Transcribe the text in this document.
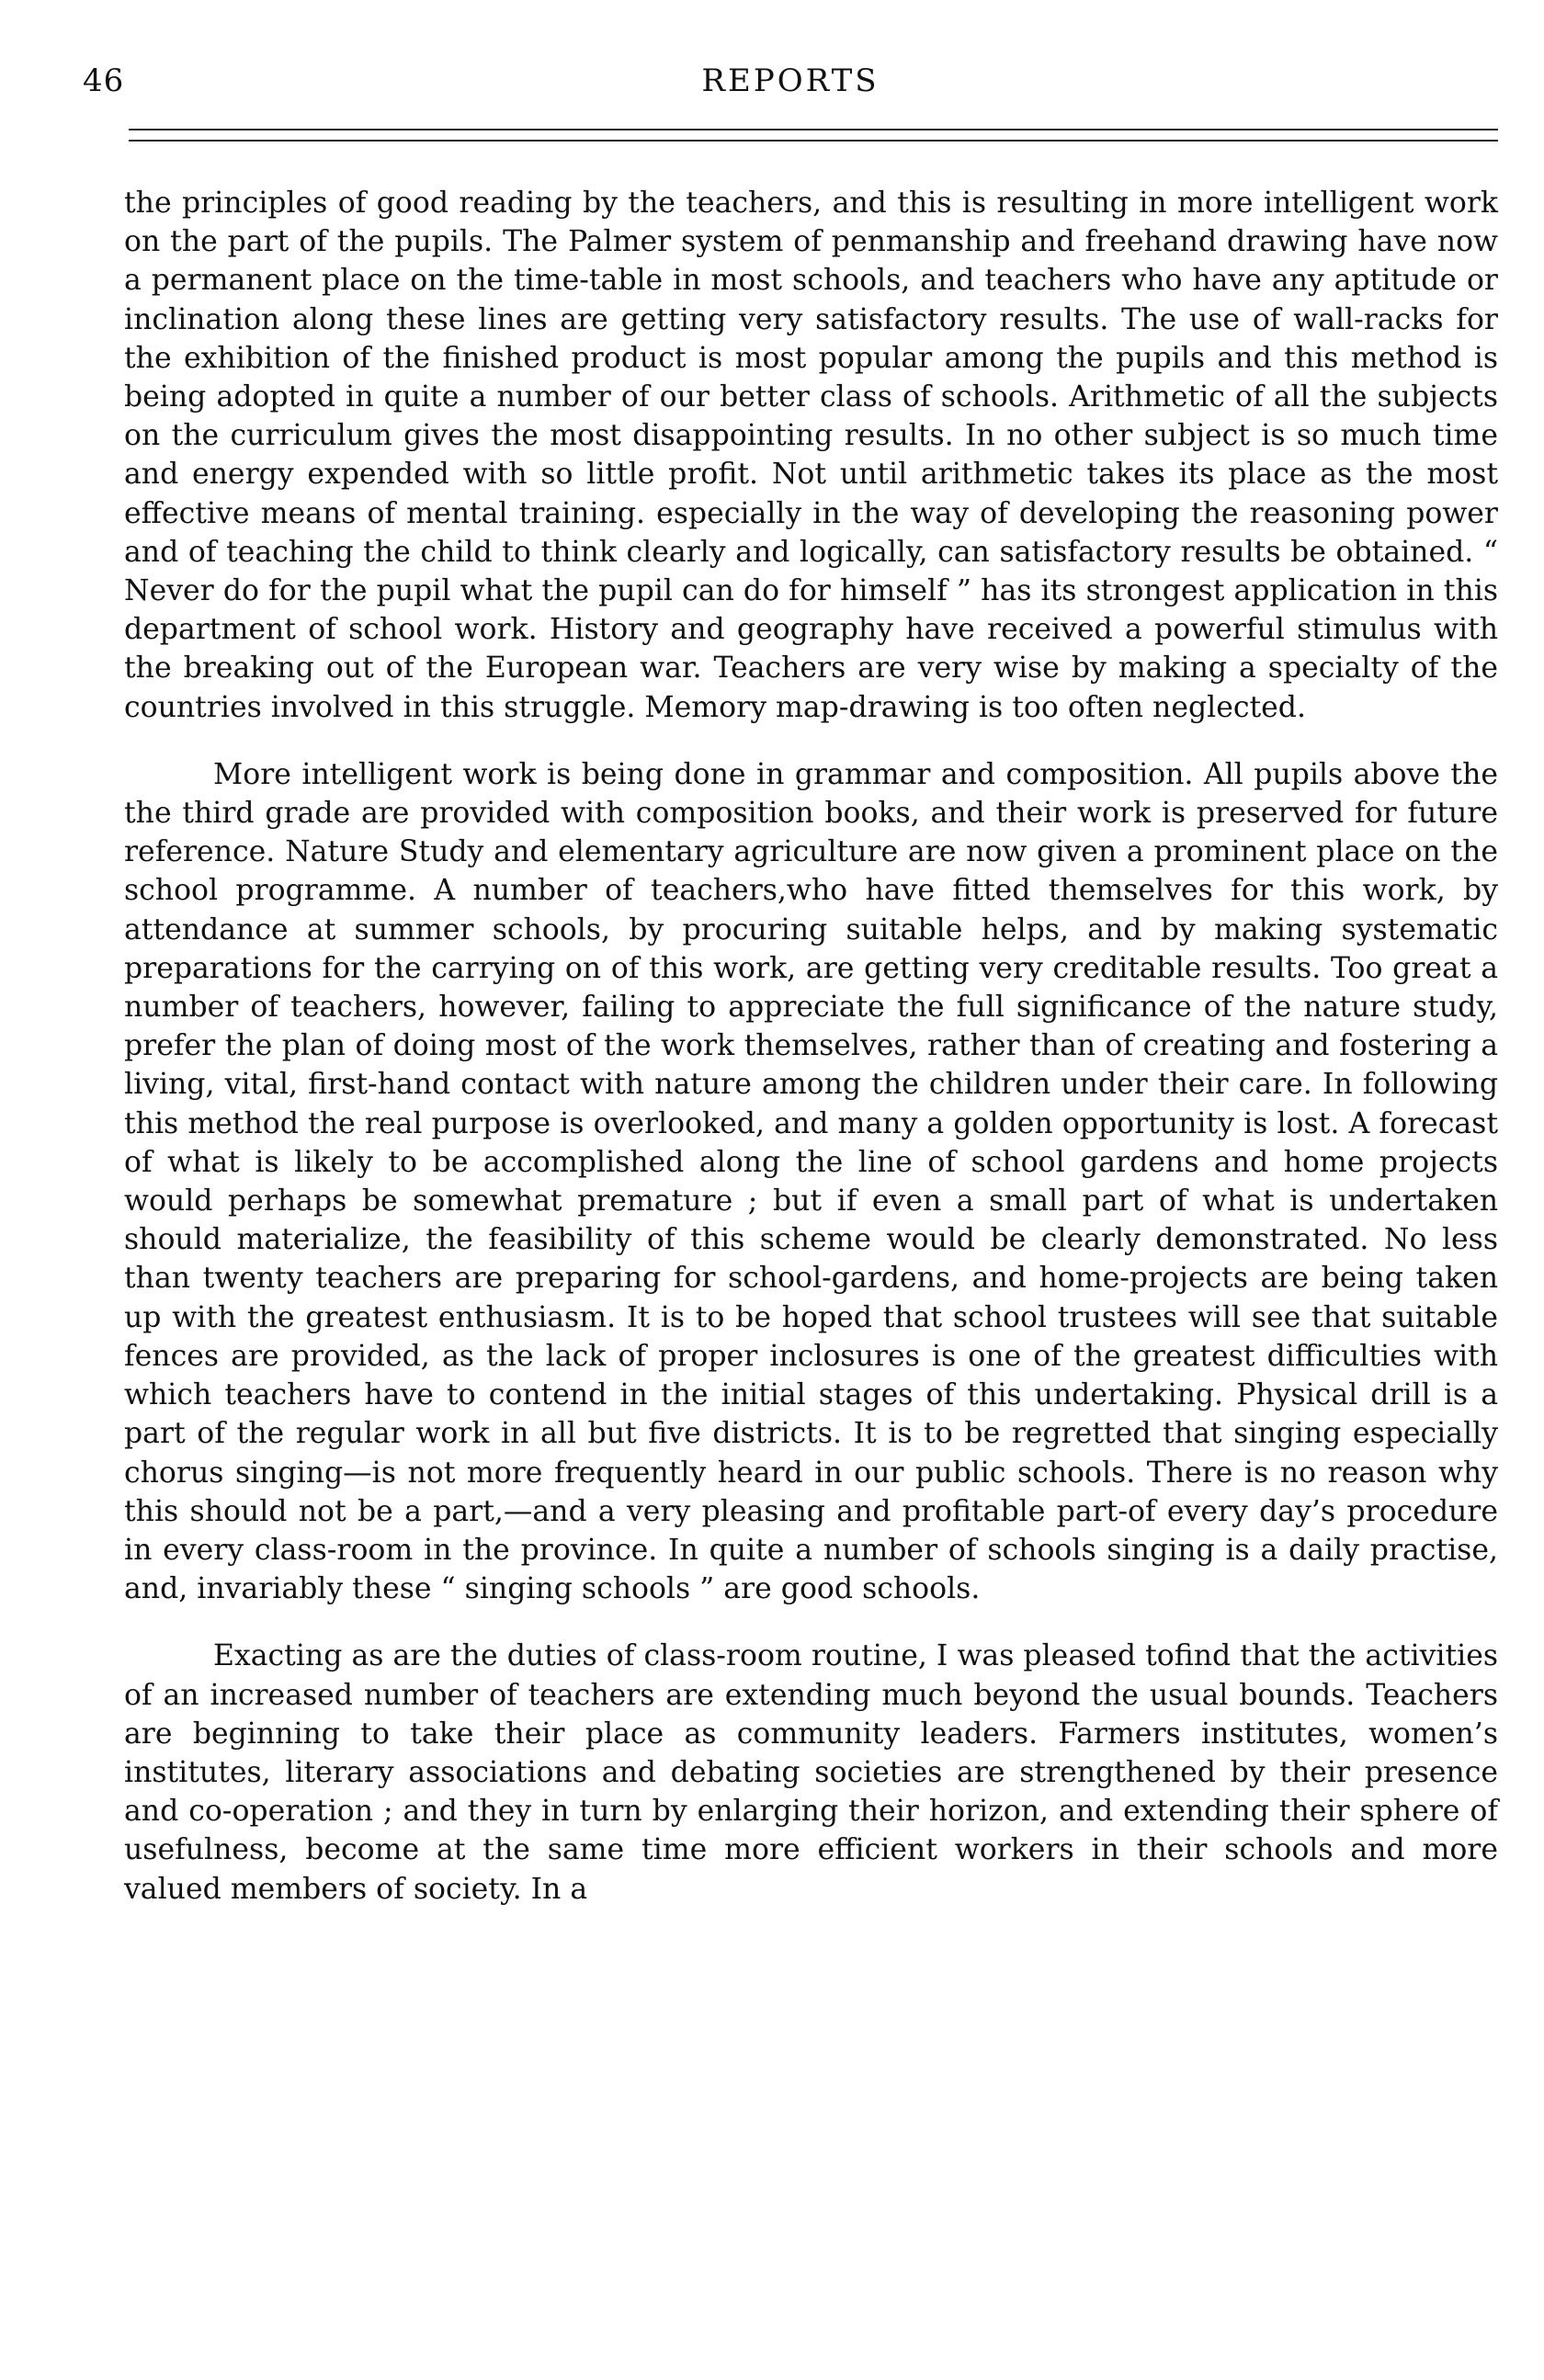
46	REPORTS

the principles of good reading by the teachers, and this is resulting in more intelligent work on the part of the pupils. The Palmer system of penmanship and freehand drawing have now a permanent place on the time-table in most schools, and teachers who have any aptitude or inclination along these lines are getting very satisfactory results. The use of wall-racks for the exhibition of the finished product is most popular among the pupils and this method is being adopted in quite a number of our better class of schools. Arithmetic of all the subjects on the curriculum gives the most disappointing results. In no other subject is so much time and energy expended with so little profit. Not until arithmetic takes its place as the most effective means of mental training. especially in the way of developing the reasoning power and of teaching the child to think clearly and logically, can satisfactory results be obtained. “ Never do for the pupil what the pupil can do for himself ” has its strongest application in this department of school work. History and geography have received a powerful stimulus with the breaking out of the European war. Teachers are very wise by making a specialty of the countries involved in this struggle. Memory map-drawing is too often neglected.

More intelligent work is being done in grammar and composition. All pupils above the the third grade are provided with composition books, and their work is preserved for future reference. Nature Study and elementary agriculture are now given a prominent place on the school programme. A number of teachers,who have fitted themselves for this work, by attendance at summer schools, by procuring suitable helps, and by making systematic preparations for the carrying on of this work, are getting very creditable results. Too great a number of teachers, however, failing to appreciate the full significance of the nature study, prefer the plan of doing most of the work themselves, rather than of creating and fostering a living, vital, first-hand contact with nature among the children under their care. In following this method the real purpose is overlooked, and many a golden opportunity is lost. A forecast of what is likely to be accomplished along the line of school gardens and home projects would perhaps be somewhat premature ; but if even a small part of what is undertaken should materialize, the feasibility of this scheme would be clearly demonstrated. No less than twenty teachers are preparing for school-gardens, and home-projects are being taken up with the greatest enthusiasm. It is to be hoped that school trustees will see that suitable fences are provided, as the lack of proper inclosures is one of the greatest difficulties with which teachers have to contend in the initial stages of this undertaking. Physical drill is a part of the regular work in all but five districts. It is to be regretted that singing especially chorus singing—is not more frequently heard in our public schools. There is no reason why this should not be a part,—and a very pleasing and profitable part-of every day’s procedure in every class-room in the province. In quite a number of schools singing is a daily practise, and, invariably these “ singing schools ” are good schools.

Exacting as are the duties of class-room routine, I was pleased tofind that the activities of an increased number of teachers are extending much beyond the usual bounds. Teachers are beginning to take their place as community leaders. Farmers institutes, women’s institutes, literary associations and debating societies are strengthened by their presence and co-operation ; and they in turn by enlarging their horizon, and extending their sphere of usefulness, become at the same time more efficient workers in their schools and more valued members of society. In a
